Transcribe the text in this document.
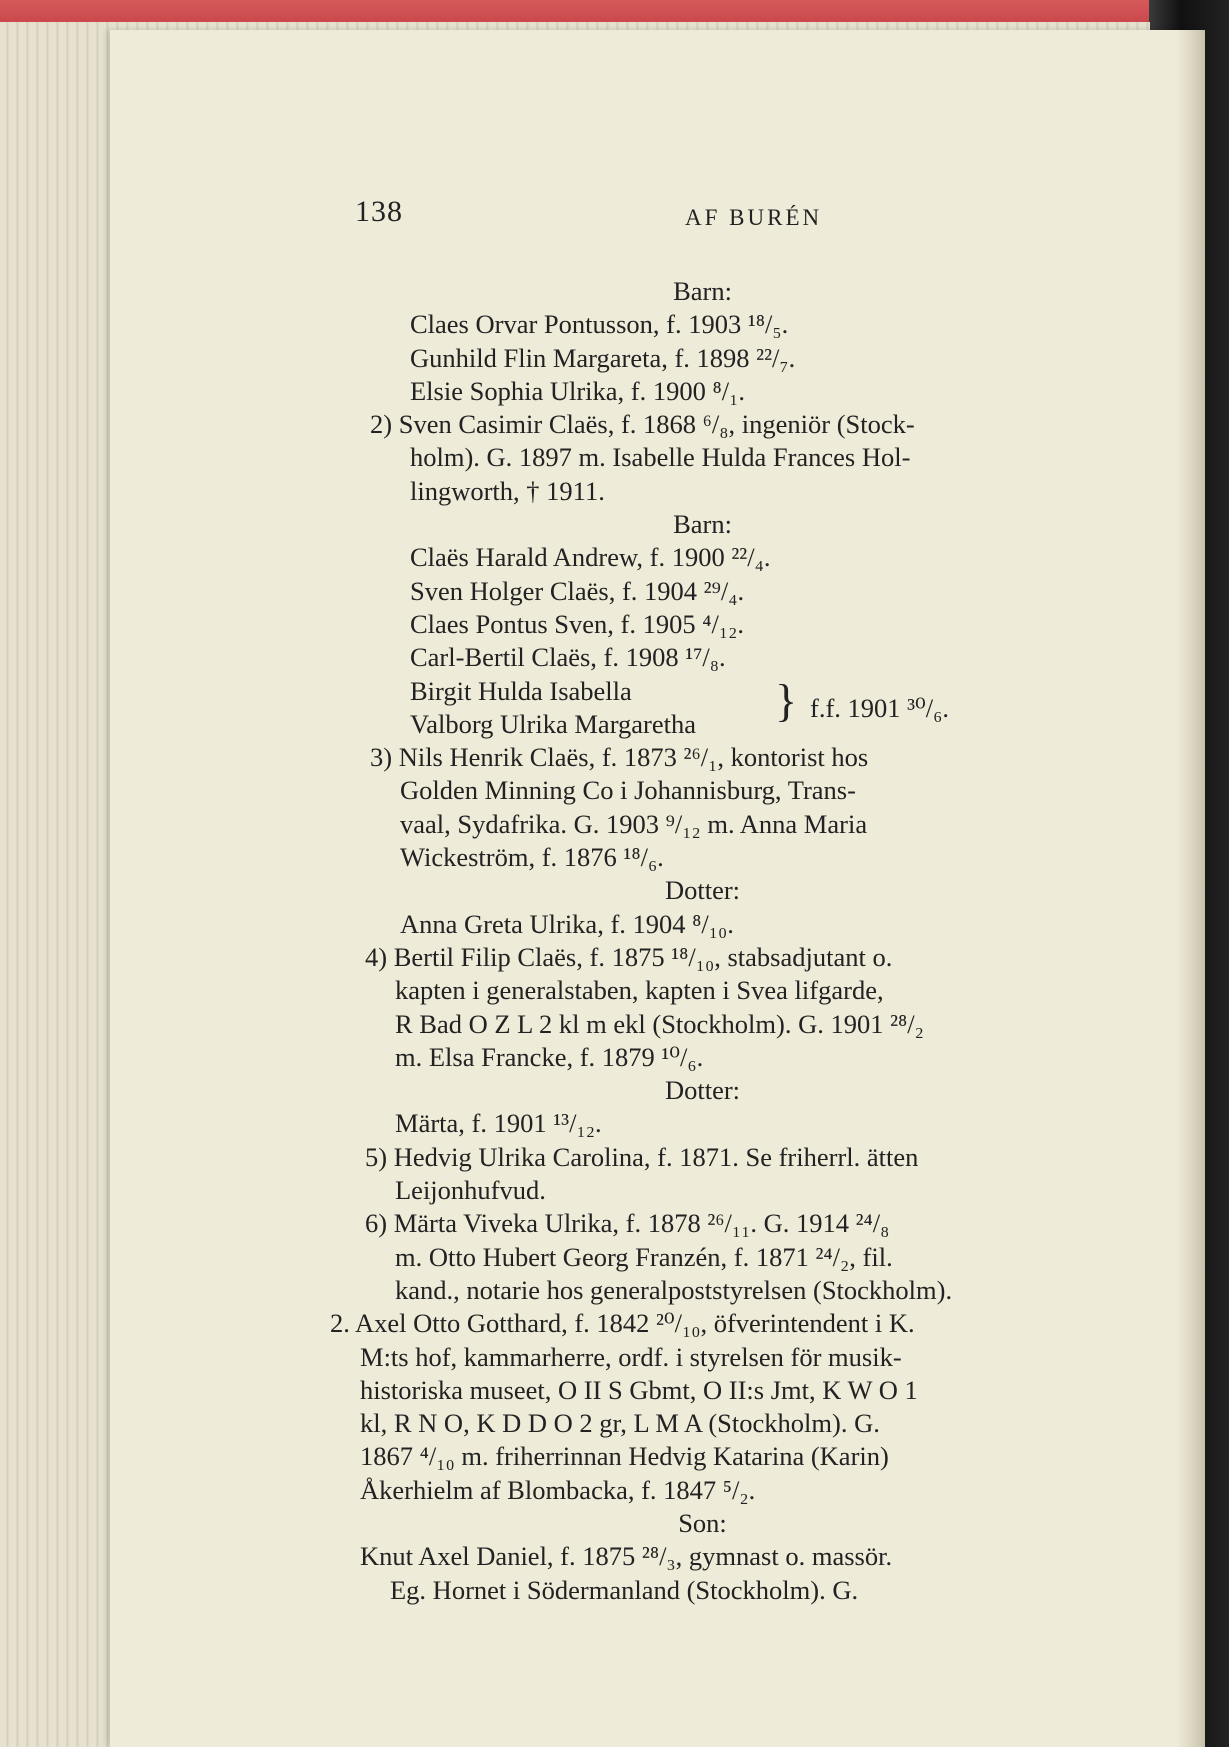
138	AF BURÉN
Barn:
Claes Orvar Pontusson, f. 1903 ¹⁸/₅.
Gunhild Flin Margareta, f. 1898 ²²/₇.
Elsie Sophia Ulrika, f. 1900 ⁸/₁.
2) Sven Casimir Claës, f. 1868 ⁶/₈, ingeniör (Stock-
holm). G. 1897 m. Isabelle Hulda Frances Hol-
lingworth, † 1911.
Barn:
Claës Harald Andrew, f. 1900 ²²/₄.
Sven Holger Claës, f. 1904 ²⁹/₄.
Claes Pontus Sven, f. 1905 ⁴/₁₂.
Carl-Bertil Claës, f. 1908 ¹⁷/₈.
Birgit Hulda Isabella	} f.f. 1901 ³⁰/₆.
Valborg Ulrika Margaretha
3) Nils Henrik Claës, f. 1873 ²⁶/₁, kontorist hos
Golden Minning Co i Johannisburg, Trans-
vaal, Sydafrika. G. 1903 ⁹/₁₂ m. Anna Maria
Wickeström, f. 1876 ¹⁸/₆.
Dotter:
Anna Greta Ulrika, f. 1904 ⁸/₁₀.
4) Bertil Filip Claës, f. 1875 ¹⁸/₁₀, stabsadjutant o.
kapten i generalstaben, kapten i Svea lifgarde,
R Bad O Z L 2 kl m ekl (Stockholm). G. 1901 ²⁸/₂
m. Elsa Francke, f. 1879 ¹⁰/₆.
Dotter:
Märta, f. 1901 ¹³/₁₂.
5) Hedvig Ulrika Carolina, f. 1871. Se friherrl. ätten
Leijonhufvud.
6) Märta Viveka Ulrika, f. 1878 ²⁶/₁₁. G. 1914 ²⁴/₈
m. Otto Hubert Georg Franzén, f. 1871 ²⁴/₂, fil.
kand., notarie hos generalpoststyrelsen (Stockholm).
2. Axel Otto Gotthard, f. 1842 ²⁰/₁₀, öfverintendent i K.
M:ts hof, kammarherre, ordf. i styrelsen för musik-
historiska museet, O II S Gbmt, O II:s Jmt, K W O 1
kl, R N O, K D D O 2 gr, L M A (Stockholm). G.
1867 ⁴/₁₀ m. friherrinnan Hedvig Katarina (Karin)
Åkerhielm af Blombacka, f. 1847 ⁵/₂.
Son:
Knut Axel Daniel, f. 1875 ²⁸/₃, gymnast o. massör.
Eg. Hornet i Södermanland (Stockholm). G.
